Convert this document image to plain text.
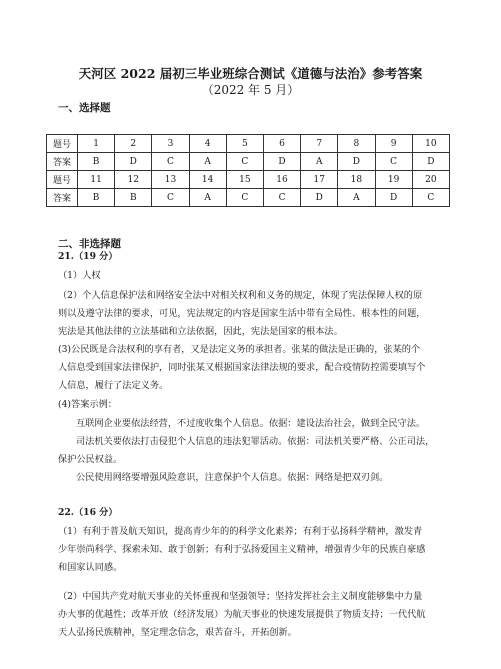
天河区 2022 届初三毕业班综合测试《道德与法治》参考答案
（2022 年 5 月）
一、选择题
题号	1	2	3	4	5	6	7	8	9	10
答案	B	D	C	A	C	D	A	D	C	D
题号	11	12	13	14	15	16	17	18	19	20
答案	B	B	C	A	C	C	D	A	D	C
二、非选择题
21.（19 分）
（1）人权
（2）个人信息保护法和网络安全法中对相关权利和义务的规定，体现了宪法保障人权的原
则以及遵守法律的要求，可见，宪法规定的内容是国家生活中带有全局性、根本性的问题，
宪法是其他法律的立法基础和立法依据，因此，宪法是国家的根本法。
(3)公民既是合法权利的享有者，又是法定义务的承担者。张某的做法是正确的，张某的个
人信息受到国家法律保护，同时张某又根据国家法律法规的要求，配合疫情防控需要填写个
人信息，履行了法定义务。
(4)答案示例：
互联网企业要依法经营，不过度收集个人信息。依据：建设法治社会，做到全民守法。
司法机关要依法打击侵犯个人信息的违法犯罪活动。依据：司法机关要严格、公正司法，
保护公民权益。
公民使用网络要增强风险意识，注意保护个人信息。依据：网络是把双刃剑。
22.（16 分）
（1）有利于普及航天知识，提高青少年的的科学文化素养；有利于弘扬科学精神，激发青
少年崇尚科学、探索未知、敢于创新；有利于弘扬爱国主义精神，增强青少年的民族自豪感
和国家认同感。
（2）中国共产党对航天事业的关怀重视和坚强领导；坚持发挥社会主义制度能够集中力量
办大事的优越性；改革开放（经济发展）为航天事业的快速发展提供了物质支持；一代代航
天人弘扬民族精神，坚定理念信念，艰苦奋斗，开拓创新。
